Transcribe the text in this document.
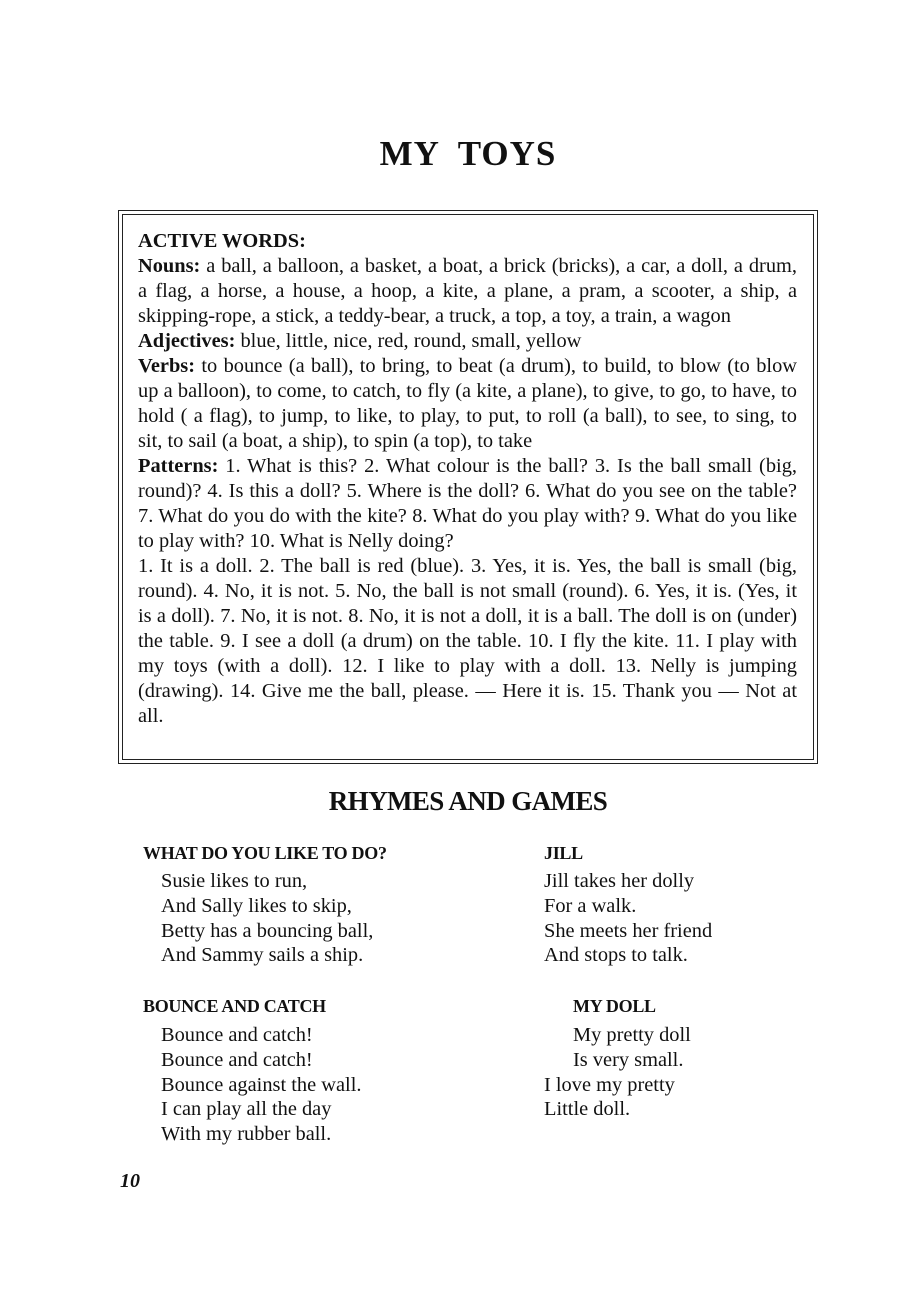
MY TOYS

ACTIVE WORDS:

Nouns: a ball, a balloon, a basket, a boat, a brick (bricks), a car, a doll, a drum, a flag, a horse, a house, a hoop, a kite, a plane, a pram, a scooter, a ship, a skipping-rope, a stick, a teddy-bear, a truck, a top, a toy, a train, a wagon

Adjectives: blue, little, nice, red, round, small, yellow

Verbs: to bounce (a ball), to bring, to beat (a drum), to build, to blow (to blow up a balloon), to come, to catch, to fly (a kite, a plane), to give, to go, to have, to hold ( a flag), to jump, to like, to play, to put, to roll (a ball), to see, to sing, to sit, to sail (a boat, a ship), to spin (a top), to take

Patterns: 1. What is this? 2. What colour is the ball? 3. Is the ball small (big, round)? 4. Is this a doll? 5. Where is the doll? 6. What do you see on the table? 7. What do you do with the kite? 8. What do you play with? 9. What do you like to play with? 10. What is Nelly doing?

1. It is a doll. 2. The ball is red (blue). 3. Yes, it is. Yes, the ball is small (big, round). 4. No, it is not. 5. No, the ball is not small (round). 6. Yes, it is. (Yes, it is a doll). 7. No, it is not. 8. No, it is not a doll, it is a ball. The doll is on (under) the table. 9. I see a doll (a drum) on the table. 10. I fly the kite. 11. I play with my toys (with a doll). 12. I like to play with a doll. 13. Nelly is jumping (drawing). 14. Give me the ball, please. — Here it is. 15. Thank you — Not at all.

RHYMES AND GAMES
WHAT DO YOU LIKE TO DO?
Susie likes to run,
And Sally likes to skip,
Betty has a bouncing ball,
And Sammy sails a ship.
JILL
Jill takes her dolly
For a walk.
She meets her friend
And stops to talk.
BOUNCE AND CATCH
Bounce and catch!
Bounce and catch!
Bounce against the wall.
I can play all the day
With my rubber ball.
MY DOLL
My pretty doll
Is very small.
I love my pretty
Little doll.
10
